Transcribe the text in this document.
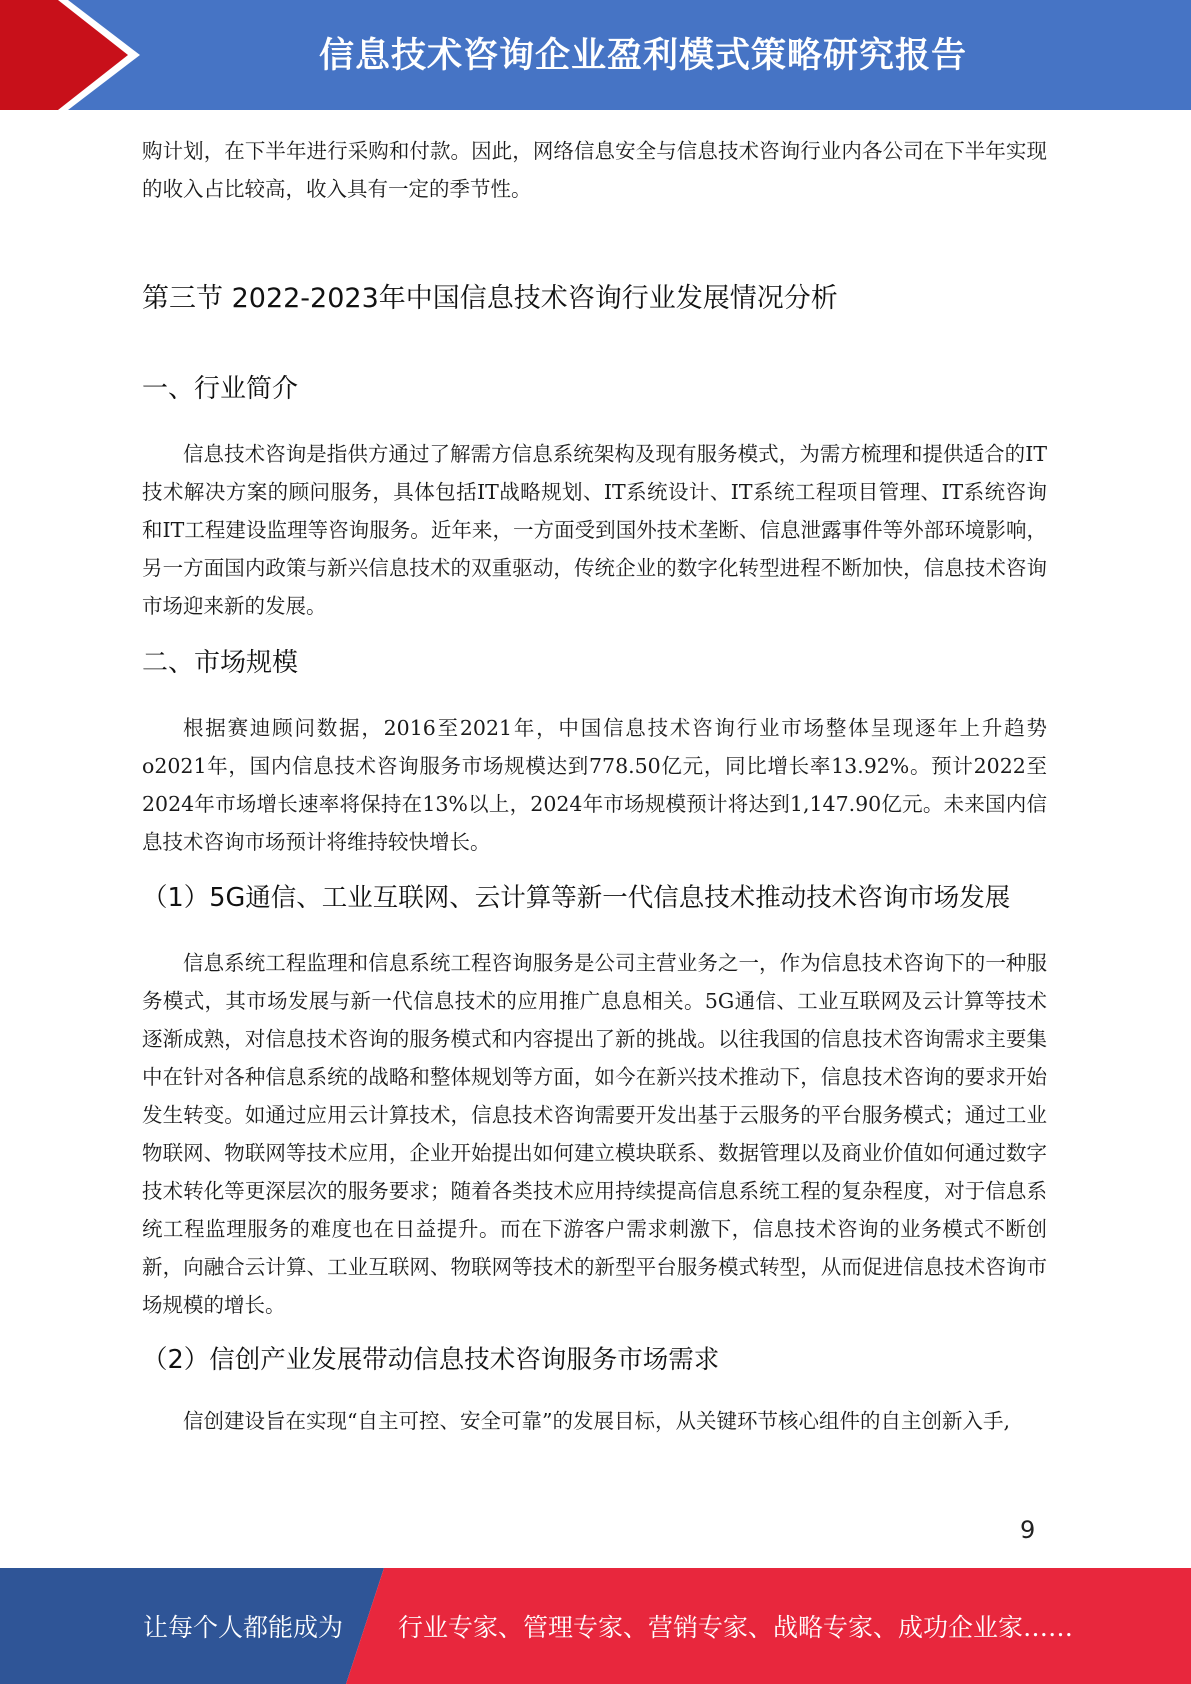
信息技术咨询企业盈利模式策略研究报告

购计划，在下半年进行采购和付款。因此，网络信息安全与信息技术咨询行业内各公司在下半年实现的收入占比较高，收入具有一定的季节性。

第三节 2022-2023年中国信息技术咨询行业发展情况分析
一、行业简介

信息技术咨询是指供方通过了解需方信息系统架构及现有服务模式，为需方梳理和提供适合的IT技术解决方案的顾问服务，具体包括IT战略规划、IT系统设计、IT系统工程项目管理、IT系统咨询和IT工程建设监理等咨询服务。近年来，一方面受到国外技术垄断、信息泄露事件等外部环境影响，另一方面国内政策与新兴信息技术的双重驱动，传统企业的数字化转型进程不断加快，信息技术咨询市场迎来新的发展。

二、市场规模

根据赛迪顾问数据，2016至2021年，中国信息技术咨询行业市场整体呈现逐年上升趋势o2021年，国内信息技术咨询服务市场规模达到778.50亿元，同比增长率13.92%。预计2022至2024年市场增长速率将保持在13%以上，2024年市场规模预计将达到1,147.90亿元。未来国内信息技术咨询市场预计将维持较快增长。

（1）5G通信、工业互联网、云计算等新一代信息技术推动技术咨询市场发展

信息系统工程监理和信息系统工程咨询服务是公司主营业务之一，作为信息技术咨询下的一种服务模式，其市场发展与新一代信息技术的应用推广息息相关。5G通信、工业互联网及云计算等技术逐渐成熟，对信息技术咨询的服务模式和内容提出了新的挑战。以往我国的信息技术咨询需求主要集中在针对各种信息系统的战略和整体规划等方面，如今在新兴技术推动下，信息技术咨询的要求开始发生转变。如通过应用云计算技术，信息技术咨询需要开发出基于云服务的平台服务模式；通过工业物联网、物联网等技术应用，企业开始提出如何建立模块联系、数据管理以及商业价值如何通过数字技术转化等更深层次的服务要求；随着各类技术应用持续提高信息系统工程的复杂程度，对于信息系统工程监理服务的难度也在日益提升。而在下游客户需求刺激下，信息技术咨询的业务模式不断创新，向融合云计算、工业互联网、物联网等技术的新型平台服务模式转型，从而促进信息技术咨询市场规模的增长。

（2）信创产业发展带动信息技术咨询服务市场需求

信创建设旨在实现“自主可控、安全可靠”的发展目标，从关键环节核心组件的自主创新入手,

9
让每个人都能成为 行业专家、管理专家、营销专家、战略专家、成功企业家……
